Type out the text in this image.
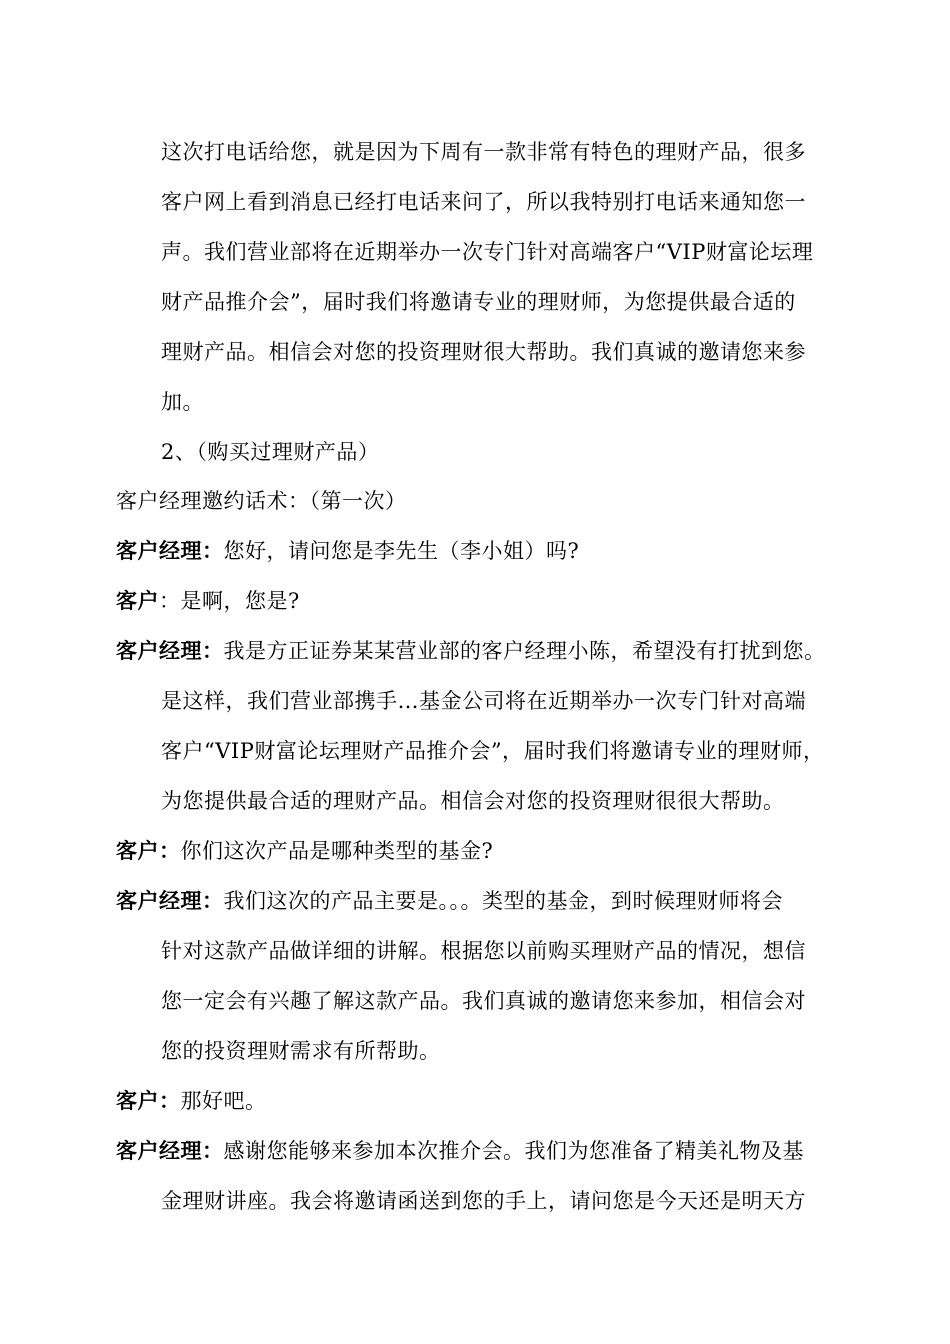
这次打电话给您，就是因为下周有一款非常有特色的理财产品，很多
客户网上看到消息已经打电话来问了，所以我特别打电话来通知您一
声。我们营业部将在近期举办一次专门针对高端客户“VIP财富论坛理
财产品推介会”，届时我们将邀请专业的理财师，为您提供最合适的
理财产品。相信会对您的投资理财很大帮助。我们真诚的邀请您来参
加。
2、（购买过理财产品）
客户经理邀约话术：（第一次）
客户经理：您好，请问您是李先生（李小姐）吗?
客户：是啊，您是?
客户经理：我是方正证券某某营业部的客户经理小陈，希望没有打扰到您。
是这样，我们营业部携手…基金公司将在近期举办一次专门针对高端
客户“VIP财富论坛理财产品推介会”，届时我们将邀请专业的理财师，
为您提供最合适的理财产品。相信会对您的投资理财很很大帮助。
客户：你们这次产品是哪种类型的基金?
客户经理：我们这次的产品主要是。。。类型的基金，到时候理财师将会
针对这款产品做详细的讲解。根据您以前购买理财产品的情况，想信
您一定会有兴趣了解这款产品。我们真诚的邀请您来参加，相信会对
您的投资理财需求有所帮助。
客户：那好吧。
客户经理：感谢您能够来参加本次推介会。我们为您准备了精美礼物及基
金理财讲座。我会将邀请函送到您的手上，请问您是今天还是明天方
